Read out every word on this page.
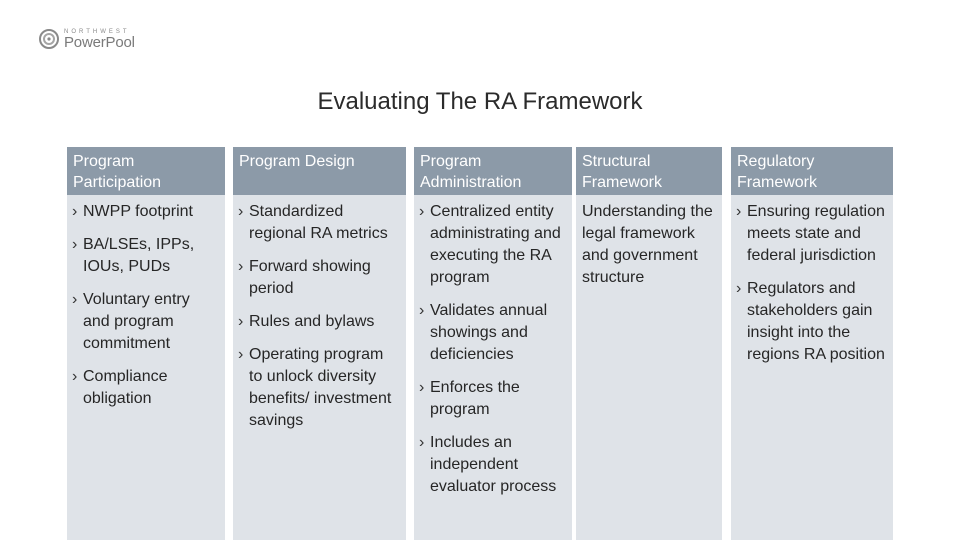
NORTHWEST
PowerPool
Evaluating The RA Framework
Program Participation
› NWPP footprint
› BA/LSEs, IPPs, IOUs, PUDs
› Voluntary entry and program commitment
› Compliance obligation
Program Design
› Standardized regional RA metrics
› Forward showing period
› Rules and bylaws
› Operating program to unlock diversity benefits/ investment savings
Program Administration
› Centralized entity administrating and executing the RA program
› Validates annual showings and deficiencies
› Enforces the program
› Includes an independent evaluator process
Structural Framework
Understanding the legal framework and government structure
Regulatory Framework
› Ensuring regulation meets state and federal jurisdiction
› Regulators and stakeholders gain insight into the regions RA position
